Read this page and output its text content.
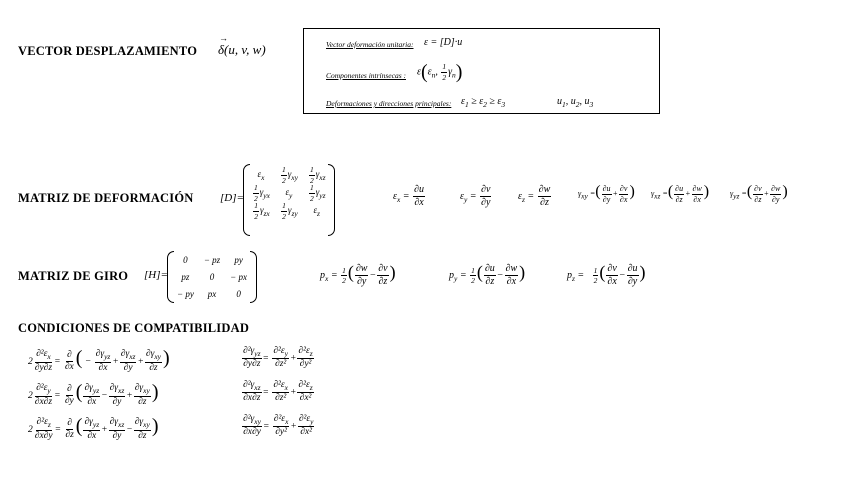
VECTOR DESPLAZAMIENTO δ
→
(u, v, w)	Vector deformación unitaria: ε = [D]·u
Componentes intrínsecas : $\varepsilon(\varepsilon_n$, $\frac{1}{2} \gamma_n$)
Deformaciones y direcciones principales: $\varepsilon_1 \ge \varepsilon_2 \ge \varepsilon_3$	$u_1$, $u_2$, $u_3$
MATRIZ DE DEFORMACIÓN [D]=
$\varepsilon_x$	$\frac{1}{2} \gamma_{xy}$	$\frac{1}{2} \gamma_{xz}$

$\frac{1}{2} \gamma_{yx}$	$\varepsilon_y$	$\frac{1}{2} \gamma_{yz}$

$\frac{1}{2} \gamma_{zx}$	$\frac{1}{2} \gamma_{zy}$	$\varepsilon_z$
$\varepsilon_x = \frac{\partial u}{\partial x}$	$\varepsilon_y = \frac{\partial v}{\partial y}$	$\varepsilon_z = \frac{\partial w}{\partial z}$	$\gamma_{xy}$ =( $\frac{\partial u}{\partial y} + \frac{\partial v}{\partial x}$ ) $\gamma_{xz}$ =( $\frac{\partial u}{\partial z} + \frac{\partial w}{\partial x}$ )	$\gamma_{yz}$ =( $\frac{\partial v}{\partial z} + \frac{\partial w}{\partial y}$ )
MATRIZ DE GIRO [H]=
0	− pz	py
pz	0	− px
− py	px	0
$p_x = \frac{1}{2}$ ( $\frac{\partial w}{\partial y} - \frac{\partial v}{\partial z}$ )	$p_y = \frac{1}{2}$ ( $\frac{\partial u}{\partial z} - \frac{\partial w}{\partial x}$ )	$p_z = \frac{1}{2}$ ( $\frac{\partial v}{\partial x} - \frac{\partial u}{\partial y}$ )
CONDICIONES DE COMPATIBILIDAD
$2 \frac{\partial^2\varepsilon_x}{\partial y\partial z} = \frac{\partial}{\partial x}$ ( − $\frac{\partial\gamma_{yz}}{\partial x} + \frac{\partial\gamma_{xz}}{\partial y} + \frac{\partial\gamma_{xy}}{\partial z}$ )
$2 \frac{\partial^2\varepsilon_y}{\partial x\partial z} = \frac{\partial}{\partial y}$ ( $\frac{\partial\gamma_{yz}}{\partial x} - \frac{\partial\gamma_{xz}}{\partial y} + \frac{\partial\gamma_{xy}}{\partial z}$ )
$2 \frac{\partial^2\varepsilon_z}{\partial x\partial y} = \frac{\partial}{\partial z}$ ( $\frac{\partial\gamma_{yz}}{\partial x} + \frac{\partial\gamma_{xz}}{\partial y} - \frac{\partial\gamma_{xy}}{\partial z}$ )
$\frac{\partial^2\gamma_{yz}}{\partial y\partial z} = \frac{\partial^2\varepsilon_y}{\text{∂z²}} + \frac{\partial^2\varepsilon_z}{\text{∂y²}}$
$\frac{\partial^2\gamma_{xz}}{\partial x\partial z} = \frac{\partial^2\varepsilon_x}{\text{∂z²}} + \frac{\partial^2\varepsilon_z}{\text{∂x²}}$
$\frac{\partial^2\gamma_{xy}}{\partial x\partial y} = \frac{\partial^2\varepsilon_x}{\text{∂y²}} + \frac{\partial^2\varepsilon_y}{\text{∂x²}}$
